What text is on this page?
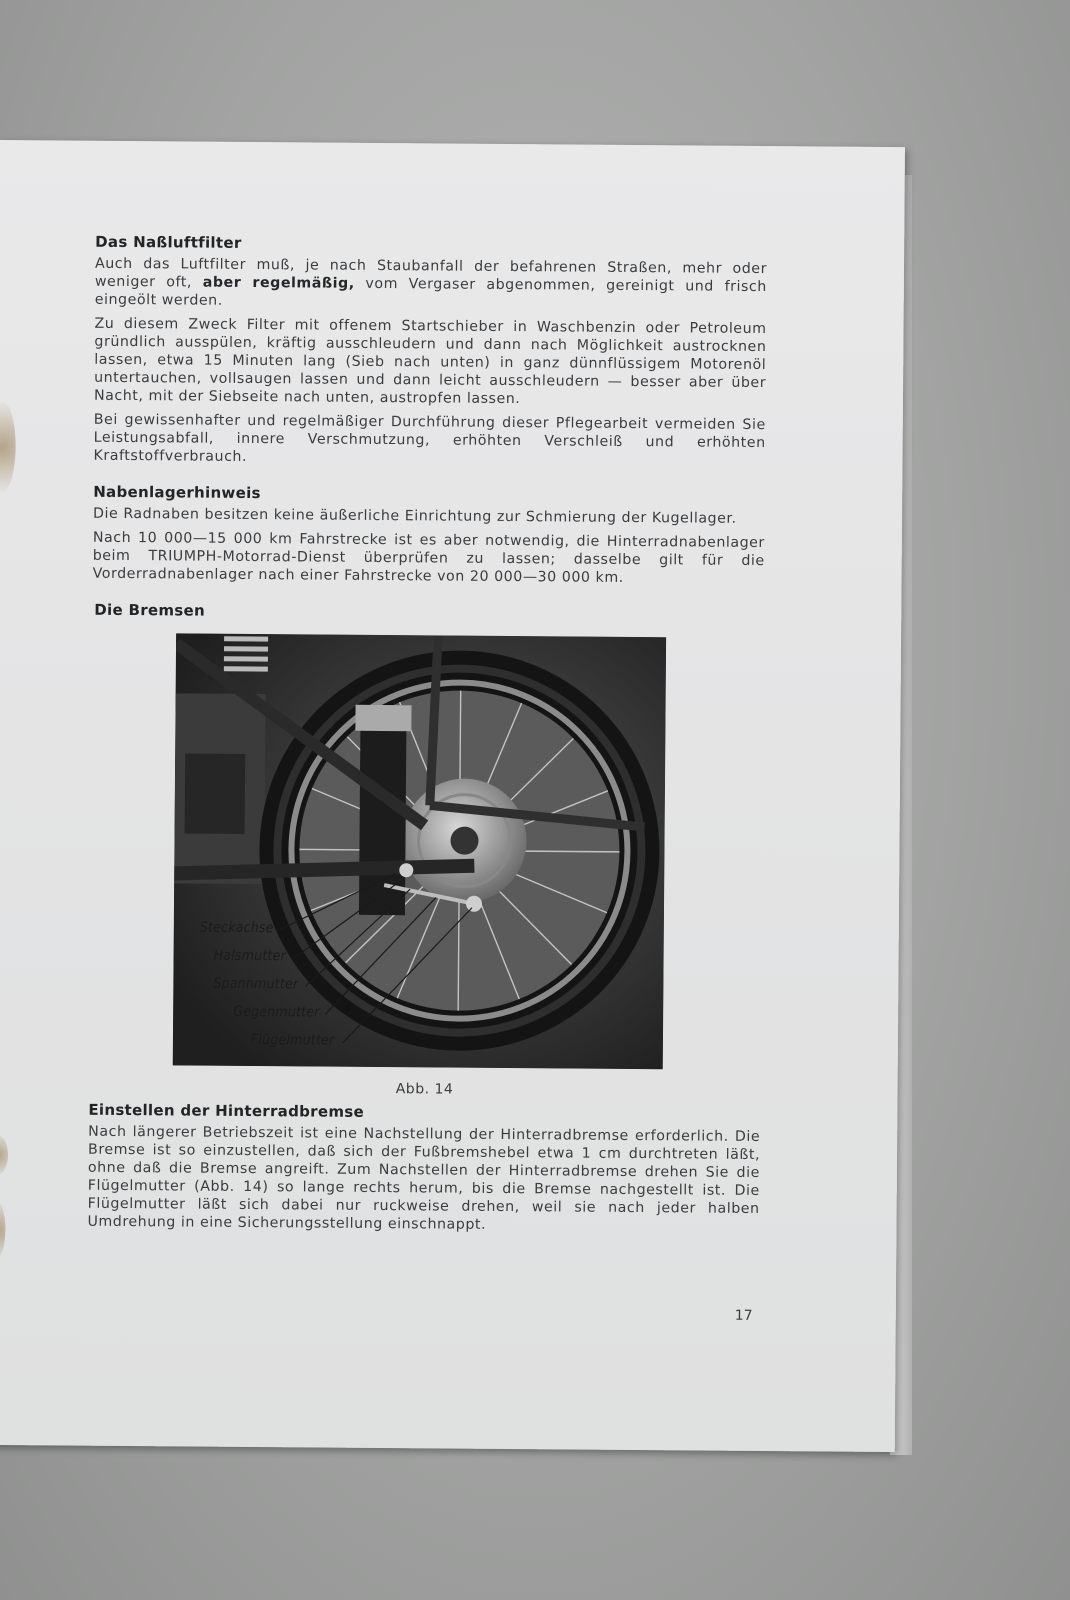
Das Naßluftfilter

Auch das Luftfilter muß, je nach Staubanfall der befahrenen Straßen, mehr oder weniger oft, aber regelmäßig, vom Vergaser abgenommen, gereinigt und frisch eingeölt werden.

Zu diesem Zweck Filter mit offenem Startschieber in Waschbenzin oder Petroleum gründlich ausspülen, kräftig ausschleudern und dann nach Möglichkeit austrocknen lassen, etwa 15 Minuten lang (Sieb nach unten) in ganz dünnflüssigem Motorenöl untertauchen, vollsaugen lassen und dann leicht ausschleudern — besser aber über Nacht, mit der Siebseite nach unten, austropfen lassen.

Bei gewissenhafter und regelmäßiger Durchführung dieser Pflegearbeit vermeiden Sie Leistungsabfall, innere Verschmutzung, erhöhten Verschleiß und erhöhten Kraftstoffverbrauch.

Nabenlagerhinweis

Die Radnaben besitzen keine äußerliche Einrichtung zur Schmierung der Kugellager.

Nach 10 000—15 000 km Fahrstrecke ist es aber notwendig, die Hinterradnabenlager beim TRIUMPH-Motorrad-Dienst überprüfen zu lassen; dasselbe gilt für die Vorderradnabenlager nach einer Fahrstrecke von 20 000—30 000 km.

Die Bremsen
Steckachse
Halsmutter
Spannmutter
Gegenmutter
Flügelmutter
Abb. 14
Einstellen der Hinterradbremse

Nach längerer Betriebszeit ist eine Nachstellung der Hinterradbremse erforderlich. Die Bremse ist so einzustellen, daß sich der Fußbremshebel etwa 1 cm durchtreten läßt, ohne daß die Bremse angreift. Zum Nachstellen der Hinterradbremse drehen Sie die Flügelmutter (Abb. 14) so lange rechts herum, bis die Bremse nachgestellt ist. Die Flügelmutter läßt sich dabei nur ruckweise drehen, weil sie nach jeder halben Umdrehung in eine Sicherungsstellung einschnappt.

17
